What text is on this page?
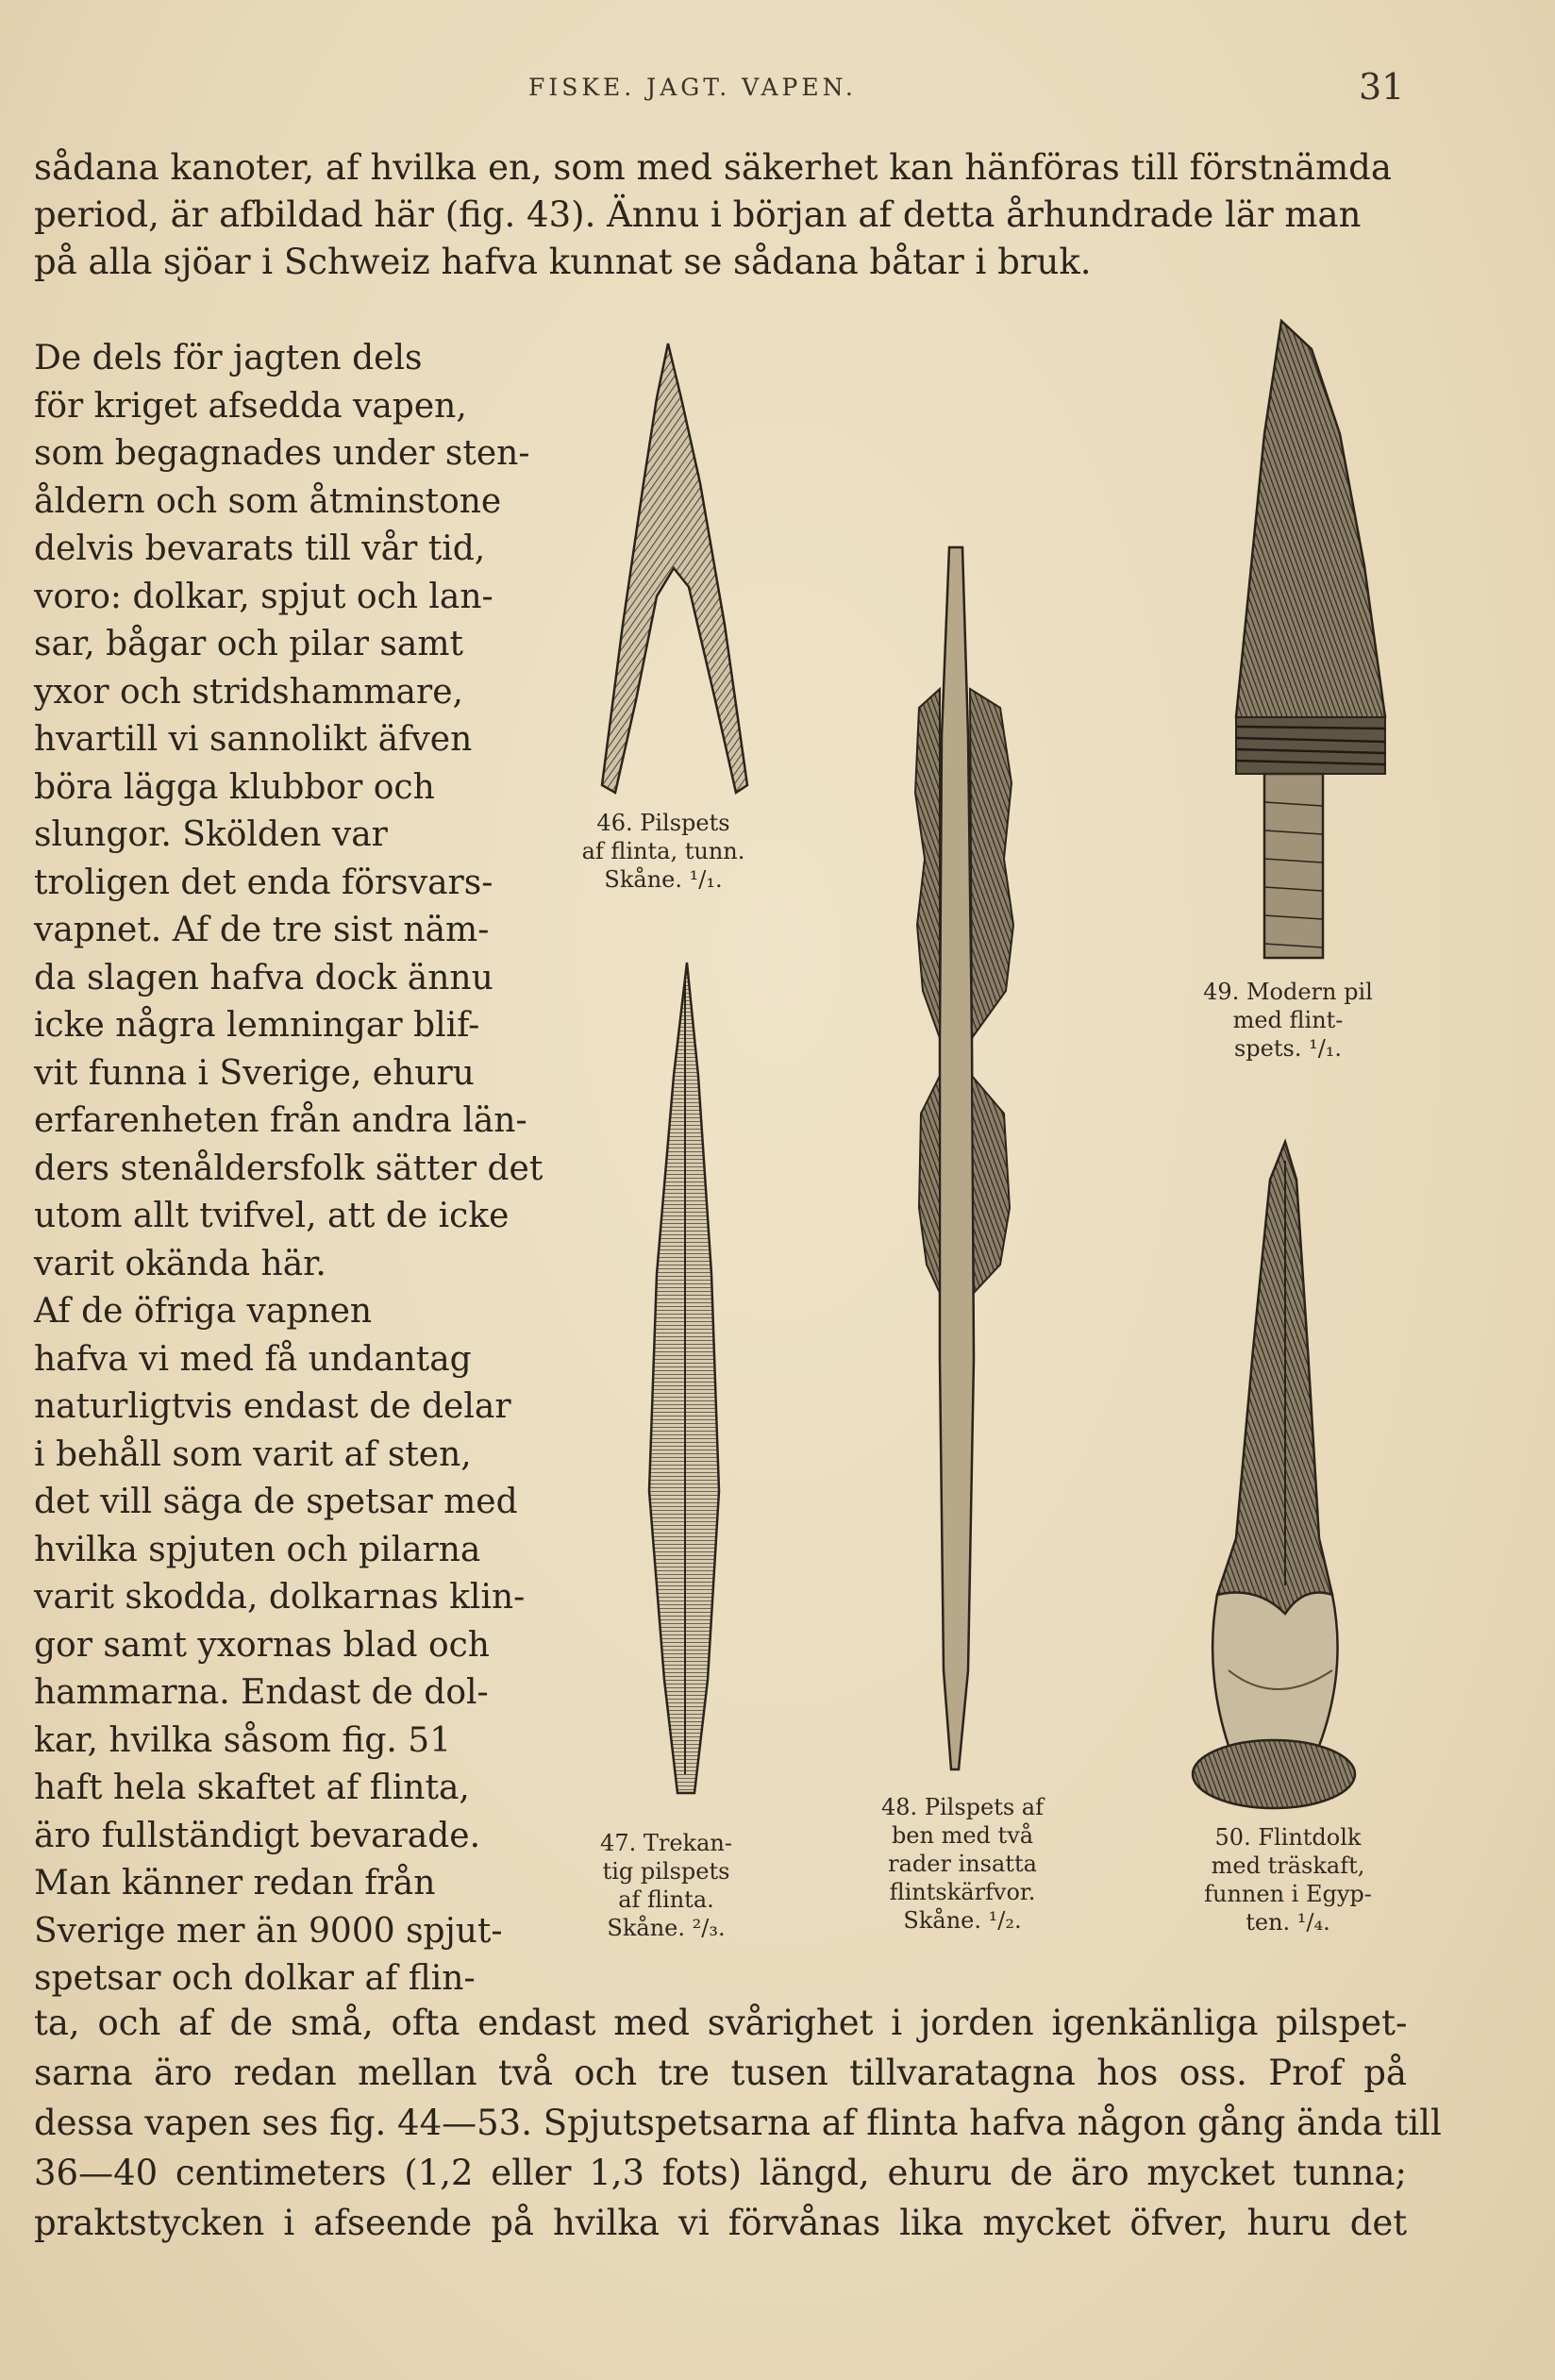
FISKE. JAGT. VAPEN.	31

sådana kanoter, af hvilka en, som med säkerhet kan hänföras till förstnämda period, är afbildad här (fig. 43). Ännu i början af detta århundrade lär man på alla sjöar i Schweiz hafva kunnat se sådana båtar i bruk.

De dels för jagten dels
för kriget afsedda vapen,
som begagnades under sten-
åldern och som åtminstone
delvis bevarats till vår tid,
voro: dolkar, spjut och lan-
sar, bågar och pilar samt
yxor och stridshammare,
hvartill vi sannolikt äfven
böra lägga klubbor och
slungor. Skölden var
troligen det enda försvars-
vapnet. Af de tre sist näm-
da slagen hafva dock ännu
icke några lemningar blif-
vit funna i Sverige, ehuru
erfarenheten från andra län-
ders stenåldersfolk sätter det
utom allt tvifvel, att de icke
varit okända här.
Af de öfriga vapnen
hafva vi med få undantag
naturligtvis endast de delar
i behåll som varit af sten,
det vill säga de spetsar med
hvilka spjuten och pilarna
varit skodda, dolkarnas klin-
gor samt yxornas blad och
hammarna. Endast de dol-
kar, hvilka såsom fig. 51
haft hela skaftet af flinta,
äro fullständigt bevarade.
Man känner redan från
Sverige mer än 9000 spjut-
spetsar och dolkar af flin-
46. Pilspets
af flinta, tunn.
Skåne. ¹/₁.
47. Trekan-
tig pilspets
af flinta.
Skåne. ²/₃.
48. Pilspets af
ben med två
rader insatta
flintskärfvor.
Skåne. ¹/₂.
49. Modern pil
med flint-
spets. ¹/₁.
50. Flintdolk
med träskaft,
funnen i Egyp-
ten. ¹/₄.
ta, och af de små, ofta endast med svårighet i jorden igenkänliga pilspet-
sarna äro redan mellan två och tre tusen tillvaratagna hos oss. Prof på
dessa vapen ses fig. 44—53. Spjutspetsarna af flinta hafva någon gång ända till
36—40 centimeters (1,2 eller 1,3 fots) längd, ehuru de äro mycket tunna;
praktstycken i afseende på hvilka vi förvånas lika mycket öfver, huru det
